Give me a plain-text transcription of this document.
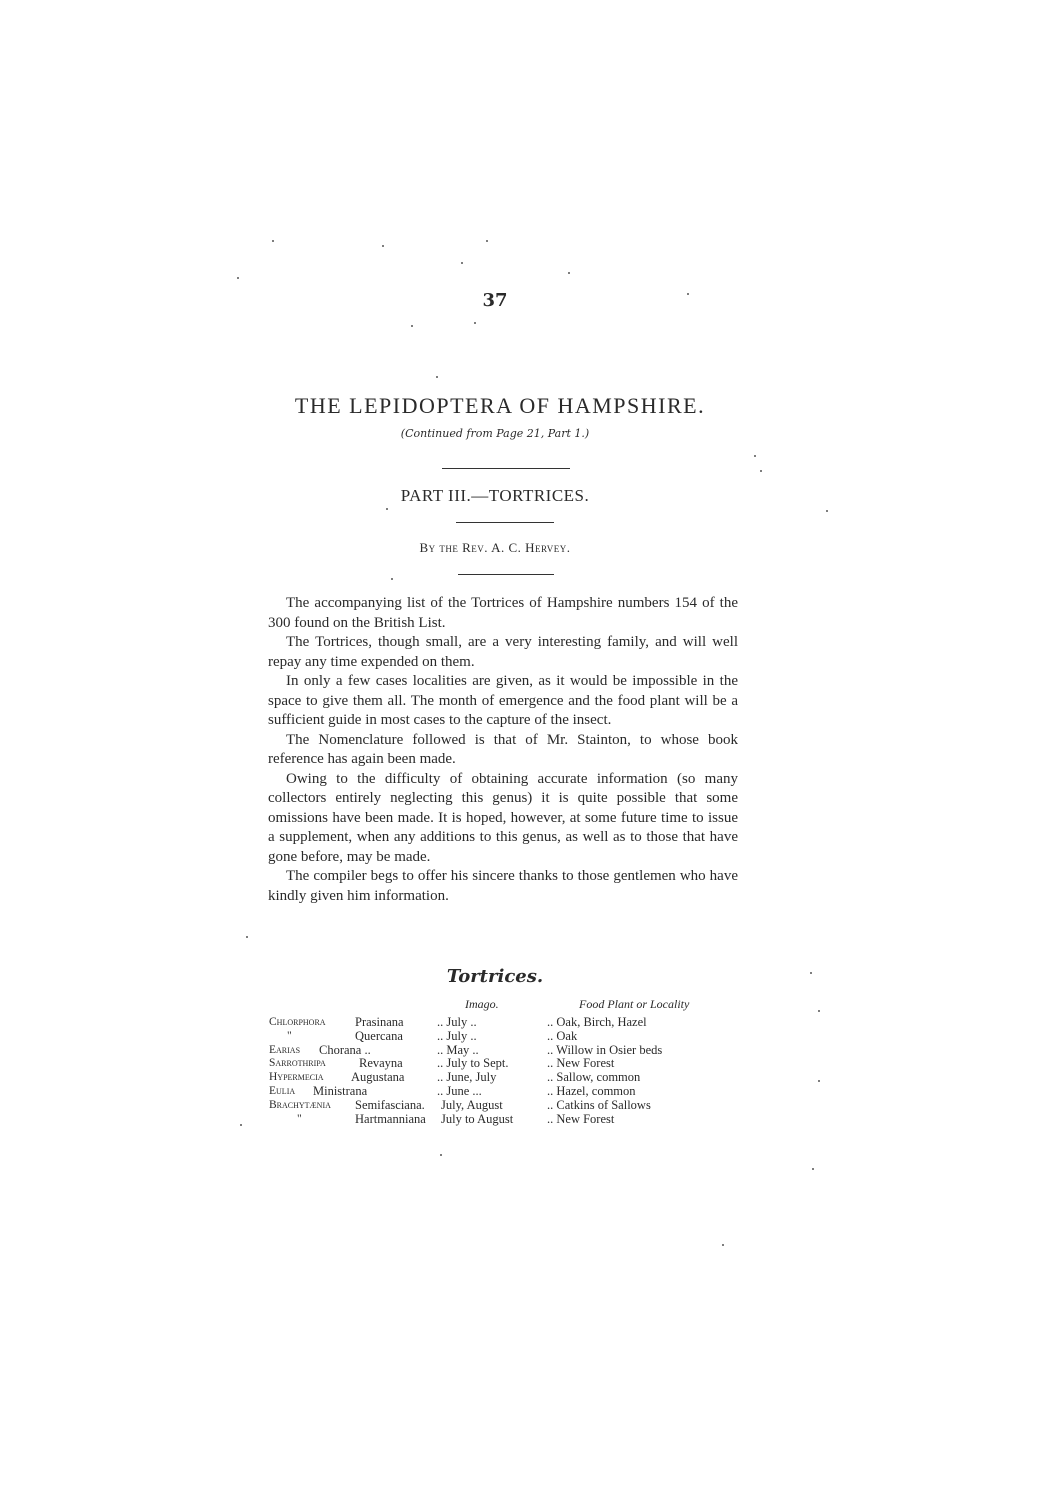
37
THE LEPIDOPTERA OF HAMPSHIRE.
(Continued from Page 21, Part 1.)
PART III.—TORTRICES.
By the Rev. A. C. Hervey.

The accompanying list of the Tortrices of Hampshire numbers 154 of the 300 found on the British List.

The Tortrices, though small, are a very interesting family, and will well repay any time expended on them.

In only a few cases localities are given, as it would be impossible in the space to give them all. The month of emergence and the food plant will be a sufficient guide in most cases to the capture of the insect.

The Nomenclature followed is that of Mr. Stainton, to whose book reference has again been made.

Owing to the difficulty of obtaining accurate information (so many collectors entirely neglecting this genus) it is quite possible that some omissions have been made. It is hoped, however, at some future time to issue a supplement, when any additions to this genus, as well as to those that have gone before, may be made.

The compiler begs to offer his sincere thanks to those gentlemen who have kindly given him information.

Tortrices.
Imago.	Food Plant or Locality
Chlorphora Prasinana	.. July ..	.. Oak, Birch, Hazel
"	Quercana	.. July ..	.. Oak
Earias Chorana ..	.. May ..	.. Willow in Osier beds
Sarrothripa	Revayna	.. July to Sept.	.. New Forest
Hypermecia Augustana	.. June, July	.. Sallow, common
Eulia Ministrana	.. June ...	.. Hazel, common
Brachytænia Semifasciana. July, August	.. Catkins of Sallows
"	Hartmanniana July to August	.. New Forest
